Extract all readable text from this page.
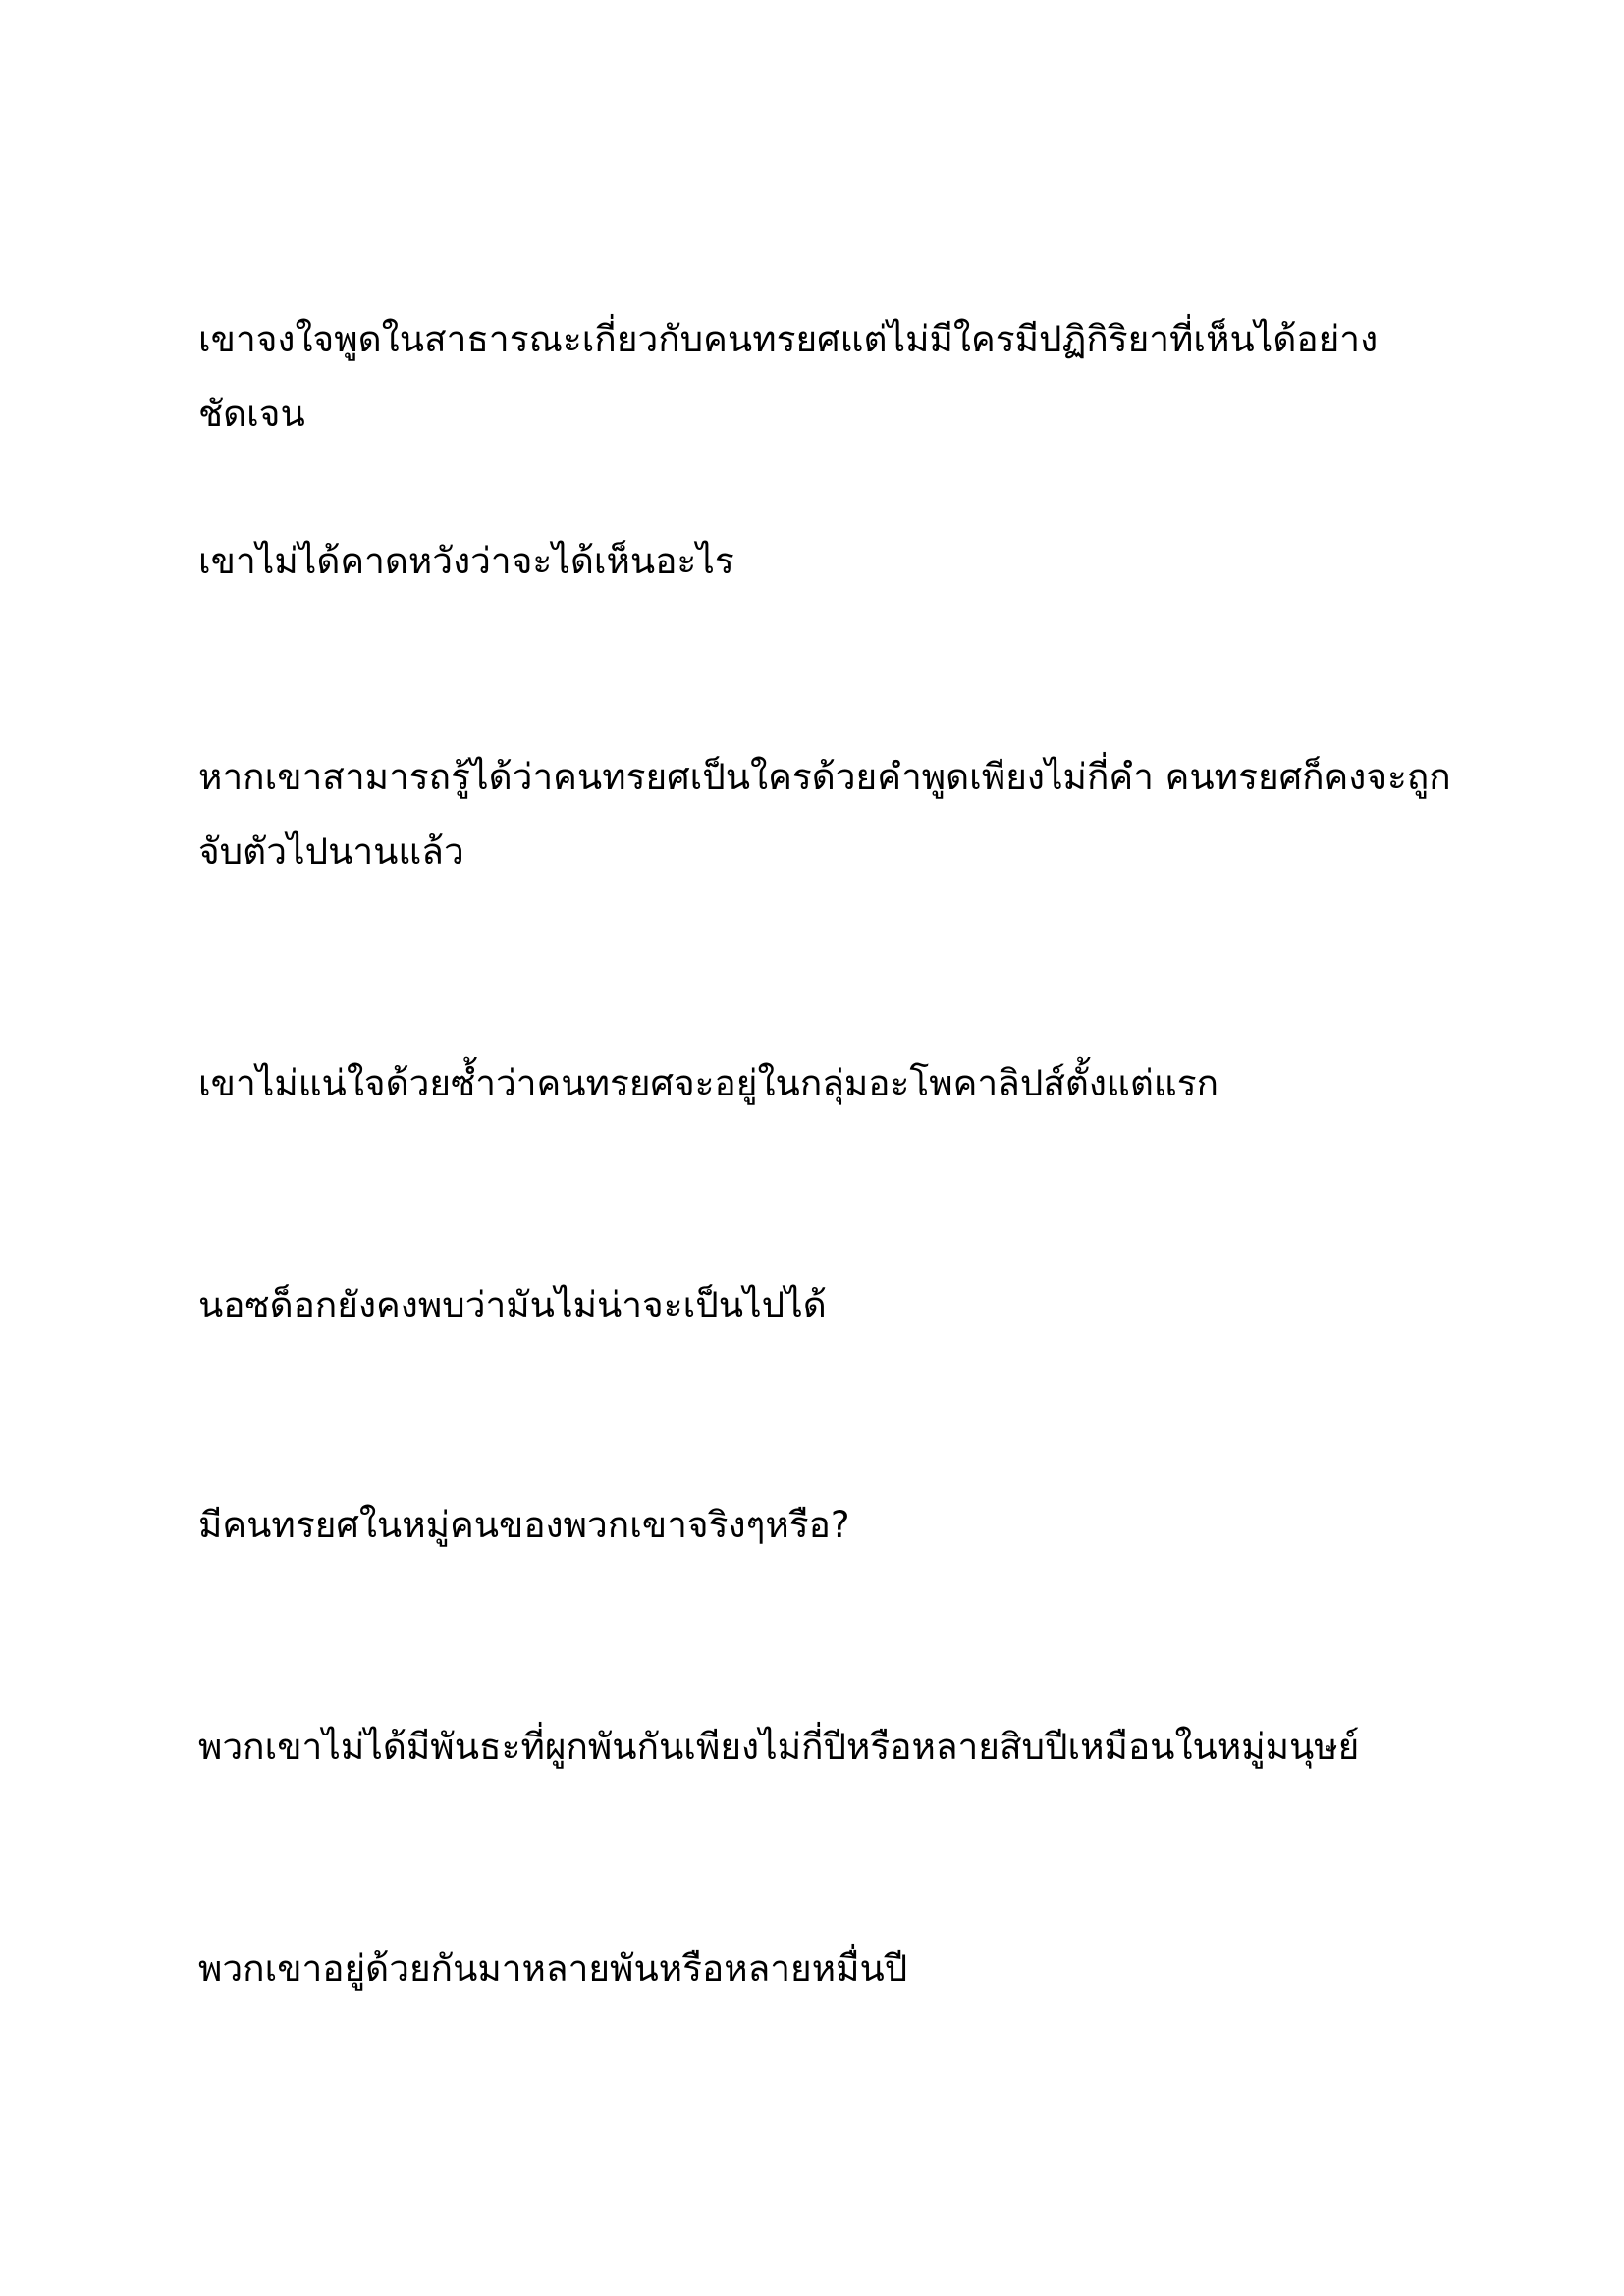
เขาจงใจพูดในสาธารณะเกี่ยวกับคนทรยศแต่ไม่มีใครมีปฏิกิริยาที่เห็นได้อย่างชัดเจน

เขาไม่ได้คาดหวังว่าจะได้เห็นอะไร

หากเขาสามารถรู้ได้ว่าคนทรยศเป็นใครด้วยคำพูดเพียงไม่กี่คำ คนทรยศก็คงจะถูกจับตัวไปนานแล้ว

เขาไม่แน่ใจด้วยซ้ำว่าคนทรยศจะอยู่ในกลุ่มอะโพคาลิปส์ตั้งแต่แรก

นอซด็อกยังคงพบว่ามันไม่น่าจะเป็นไปได้

มีคนทรยศในหมู่คนของพวกเขาจริงๆหรือ?

พวกเขาไม่ได้มีพันธะที่ผูกพันกันเพียงไม่กี่ปีหรือหลายสิบปีเหมือนในหมู่มนุษย์

พวกเขาอยู่ด้วยกันมาหลายพันหรือหลายหมื่นปี
